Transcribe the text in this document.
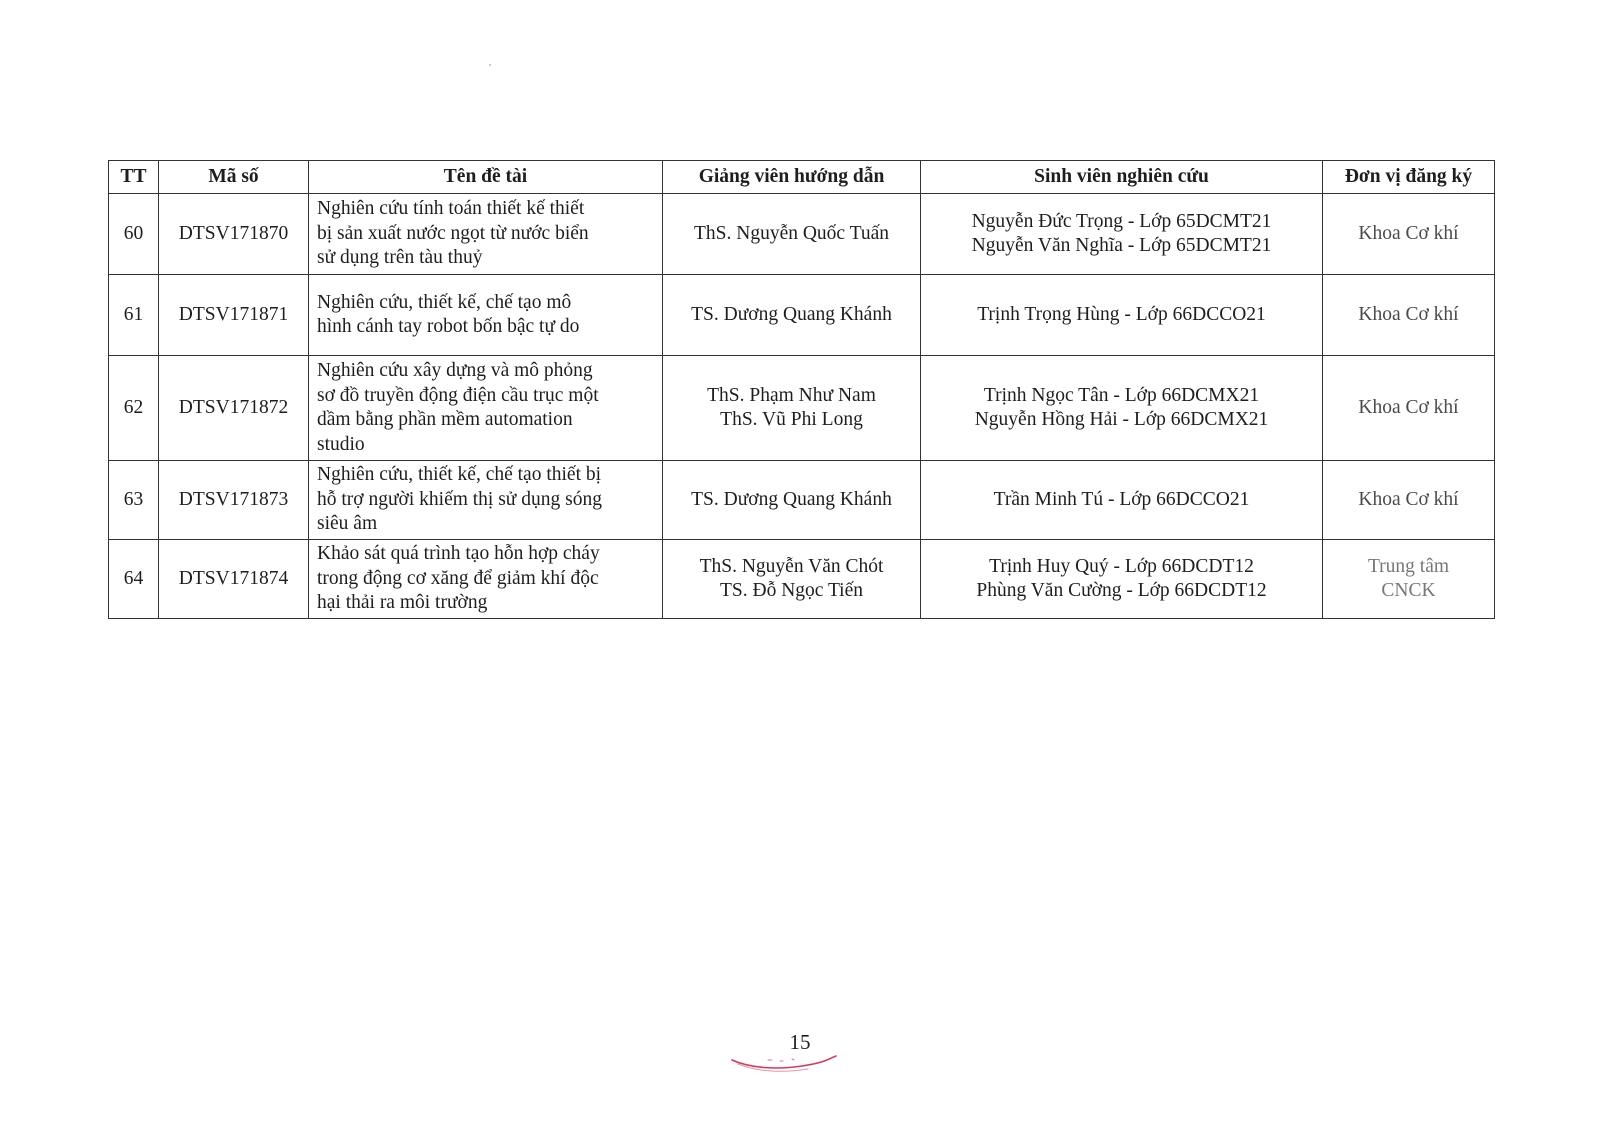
TT	Mã số	Tên đề tài	Giảng viên hướng dẫn	Sinh viên nghiên cứu	Đơn vị đăng ký
60	DTSV171870	Nghiên cứu tính toán thiết kế thiết
bị sản xuất nước ngọt từ nước biển
sử dụng trên tàu thuỷ	ThS. Nguyễn Quốc Tuấn	Nguyễn Đức Trọng - Lớp 65DCMT21
Nguyễn Văn Nghĩa - Lớp 65DCMT21	Khoa Cơ khí

61	DTSV171871	Nghiên cứu, thiết kế, chế tạo mô
hình cánh tay robot bốn bậc tự do	TS. Dương Quang Khánh	Trịnh Trọng Hùng - Lớp 66DCCO21	Khoa Cơ khí

62	DTSV171872	Nghiên cứu xây dựng và mô phỏng
sơ đồ truyền động điện cầu trục một
dầm bằng phần mềm automation
studio	ThS. Phạm Như Nam
ThS. Vũ Phi Long	Trịnh Ngọc Tân - Lớp 66DCMX21
Nguyễn Hồng Hải - Lớp 66DCMX21	Khoa Cơ khí

63	DTSV171873	Nghiên cứu, thiết kế, chế tạo thiết bị
hỗ trợ người khiếm thị sử dụng sóng
siêu âm	TS. Dương Quang Khánh	Trần Minh Tú - Lớp 66DCCO21	Khoa Cơ khí

64	DTSV171874	Khảo sát quá trình tạo hỗn hợp cháy
trong động cơ xăng để giảm khí độc
hại thải ra môi trường	ThS. Nguyễn Văn Chót
TS. Đỗ Ngọc Tiến	Trịnh Huy Quý - Lớp 66DCDT12
Phùng Văn Cường - Lớp 66DCDT12	Trung tâm
CNCK
15
